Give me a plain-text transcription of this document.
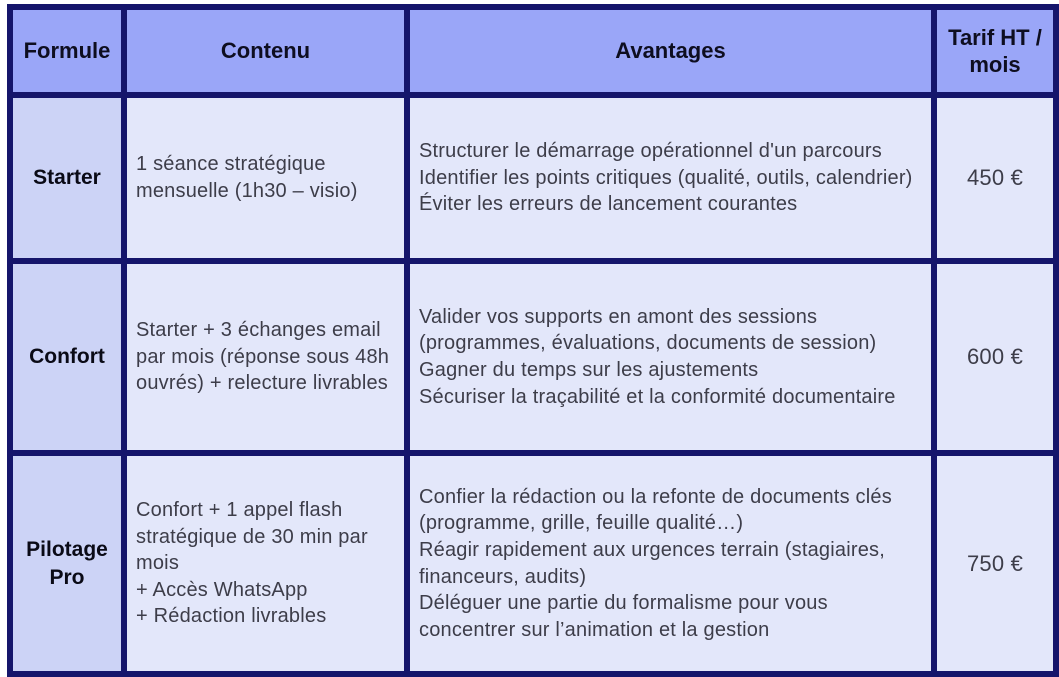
Formule	Contenu	Avantages
Tarif HT / mois
Starter
1 séance stratégique mensuelle (1h30 – visio)
Structurer le démarrage opérationnel d'un parcours
Identifier les points critiques (qualité, outils, calendrier)
Éviter les erreurs de lancement courantes
450 €
Confort
Starter + 3 échanges email par mois (réponse sous 48h ouvrés) + relecture livrables
Valider vos supports en amont des sessions (programmes, évaluations, documents de session)
Gagner du temps sur les ajustements
Sécuriser la traçabilité et la conformité documentaire
600 €
Pilotage Pro
Confort + 1 appel flash stratégique de 30 min par mois
+ Accès WhatsApp
+ Rédaction livrables
Confier la rédaction ou la refonte de documents clés (programme, grille, feuille qualité…)
Réagir rapidement aux urgences terrain (stagiaires, financeurs, audits)
Déléguer une partie du formalisme pour vous concentrer sur l’animation et la gestion
750 €
